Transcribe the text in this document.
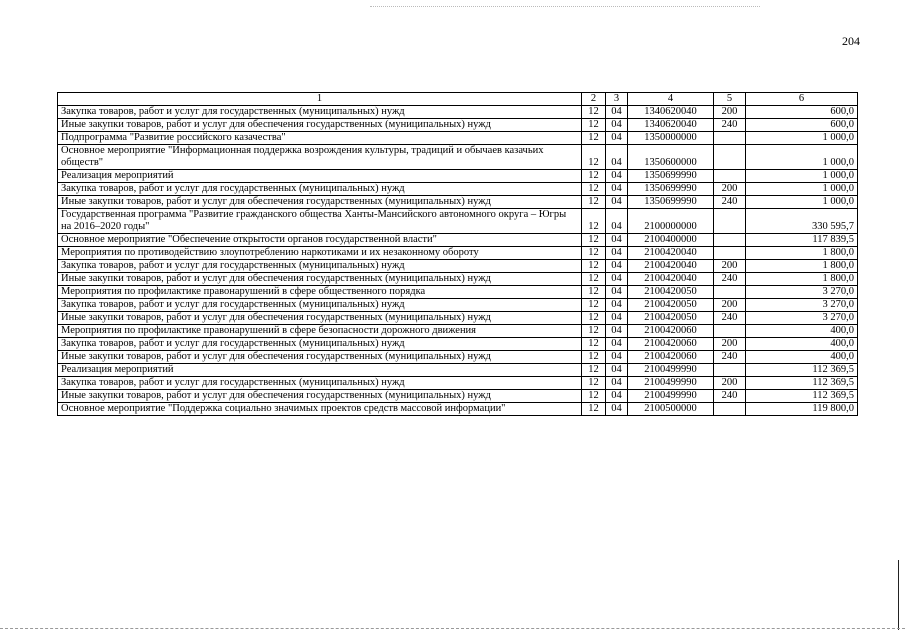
204
1	2	3	4	5	6
Закупка товаров, работ и услуг для государственных (муниципальных) нужд	12	04	1340620040	200	600,0
Иные закупки товаров, работ и услуг для обеспечения государственных (муниципальных) нужд	12	04	1340620040	240	600,0
Подпрограмма "Развитие российского казачества"	12	04	1350000000		1 000,0
Основное мероприятие "Информационная поддержка возрождения культуры, традиций и обычаев казачьих обществ"	12	04	1350600000		1 000,0
Реализация мероприятий	12	04	1350699990		1 000,0
Закупка товаров, работ и услуг для государственных (муниципальных) нужд	12	04	1350699990	200	1 000,0
Иные закупки товаров, работ и услуг для обеспечения государственных (муниципальных) нужд	12	04	1350699990	240	1 000,0
Государственная программа "Развитие гражданского общества Ханты-Мансийского автономного округа – Югры на 2016–2020 годы"	12	04	2100000000		330 595,7
Основное мероприятие "Обеспечение открытости органов государственной власти"	12	04	2100400000		117 839,5
Мероприятия по противодействию злоупотреблению наркотиками и их незаконному обороту	12	04	2100420040		1 800,0
Закупка товаров, работ и услуг для государственных (муниципальных) нужд	12	04	2100420040	200	1 800,0
Иные закупки товаров, работ и услуг для обеспечения государственных (муниципальных) нужд	12	04	2100420040	240	1 800,0
Мероприятия по профилактике правонарушений в сфере общественного порядка	12	04	2100420050		3 270,0
Закупка товаров, работ и услуг для государственных (муниципальных) нужд	12	04	2100420050	200	3 270,0
Иные закупки товаров, работ и услуг для обеспечения государственных (муниципальных) нужд	12	04	2100420050	240	3 270,0
Мероприятия по профилактике правонарушений в сфере безопасности дорожного движения	12	04	2100420060		400,0
Закупка товаров, работ и услуг для государственных (муниципальных) нужд	12	04	2100420060	200	400,0
Иные закупки товаров, работ и услуг для обеспечения государственных (муниципальных) нужд	12	04	2100420060	240	400,0
Реализация мероприятий	12	04	2100499990		112 369,5
Закупка товаров, работ и услуг для государственных (муниципальных) нужд	12	04	2100499990	200	112 369,5
Иные закупки товаров, работ и услуг для обеспечения государственных (муниципальных) нужд	12	04	2100499990	240	112 369,5
Основное мероприятие "Поддержка социально значимых проектов средств массовой информации"	12	04	2100500000		119 800,0
